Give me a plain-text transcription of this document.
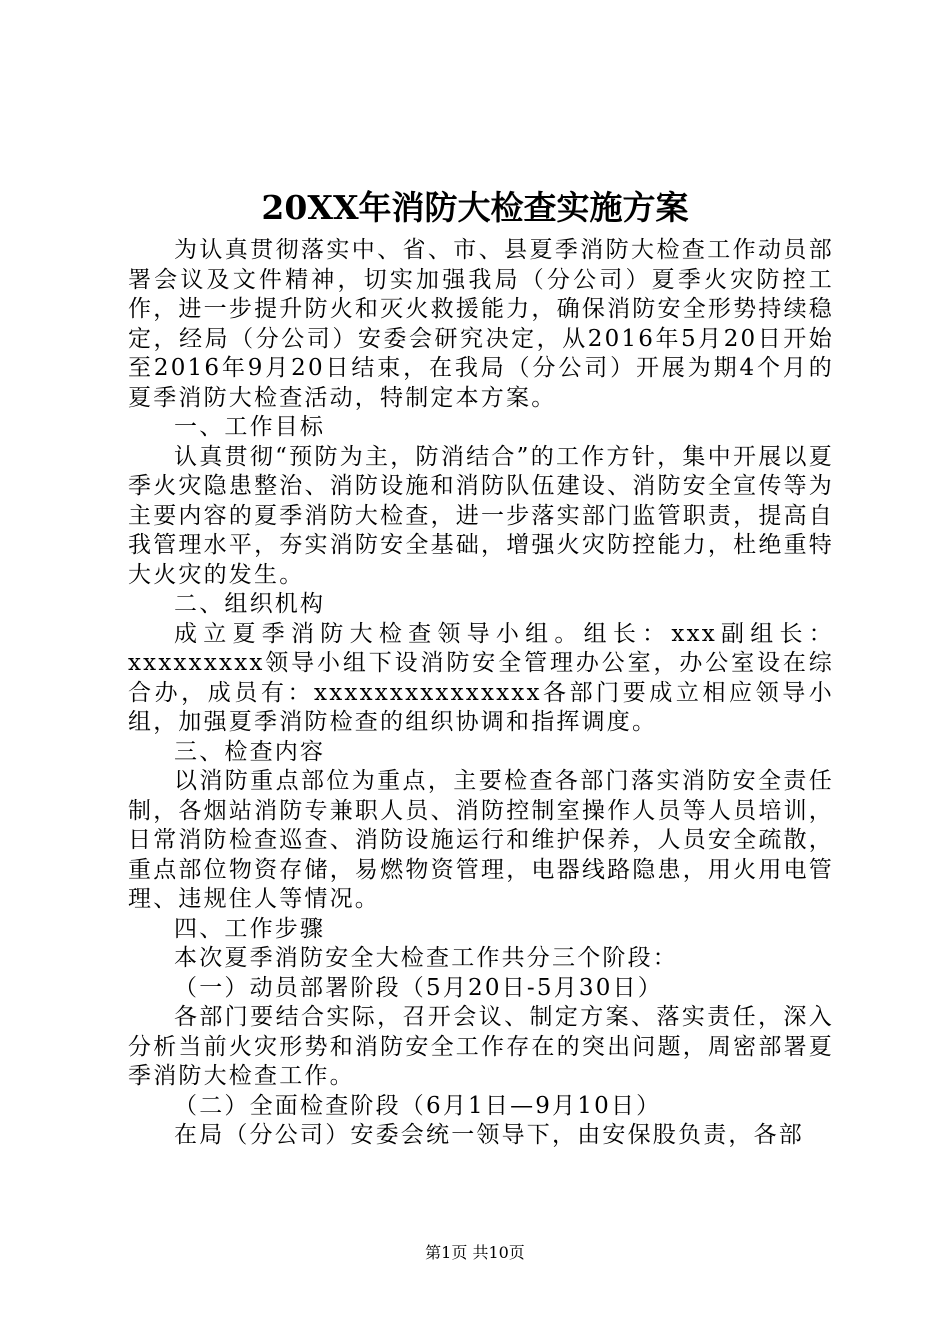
20XX年消防大检查实施方案

为认真贯彻落实中、省、市、县夏季消防大检查工作动员部署会议及文件精神，切实加强我局（分公司）夏季火灾防控工作，进一步提升防火和灭火救援能力，确保消防安全形势持续稳定，经局（分公司）安委会研究决定，从2016年5月20日开始至2016年9月20日结束，在我局（分公司）开展为期4个月的夏季消防大检查活动，特制定本方案。

一、工作目标

认真贯彻“预防为主，防消结合”的工作方针，集中开展以夏季火灾隐患整治、消防设施和消防队伍建设、消防安全宣传等为主要内容的夏季消防大检查，进一步落实部门监管职责，提高自我管理水平，夯实消防安全基础，增强火灾防控能力，杜绝重特大火灾的发生。

二、组织机构

成立夏季消防大检查领导小组。组长：xxx副组长：xxxxxxxxx领导小组下设消防安全管理办公室，办公室设在综合办，成员有：xxxxxxxxxxxxxxx各部门要成立相应领导小组，加强夏季消防检查的组织协调和指挥调度。

三、检查内容

以消防重点部位为重点，主要检查各部门落实消防安全责任制，各烟站消防专兼职人员、消防控制室操作人员等人员培训，日常消防检查巡查、消防设施运行和维护保养，人员安全疏散，重点部位物资存储，易燃物资管理，电器线路隐患，用火用电管理、违规住人等情况。

四、工作步骤

本次夏季消防安全大检查工作共分三个阶段：

（一）动员部署阶段（5月20日-5月30日）

各部门要结合实际，召开会议、制定方案、落实责任，深入分析当前火灾形势和消防安全工作存在的突出问题，周密部署夏季消防大检查工作。

（二）全面检查阶段（6月1日—9月10日）

在局（分公司）安委会统一领导下，由安保股负责，各部

第1页 共10页
